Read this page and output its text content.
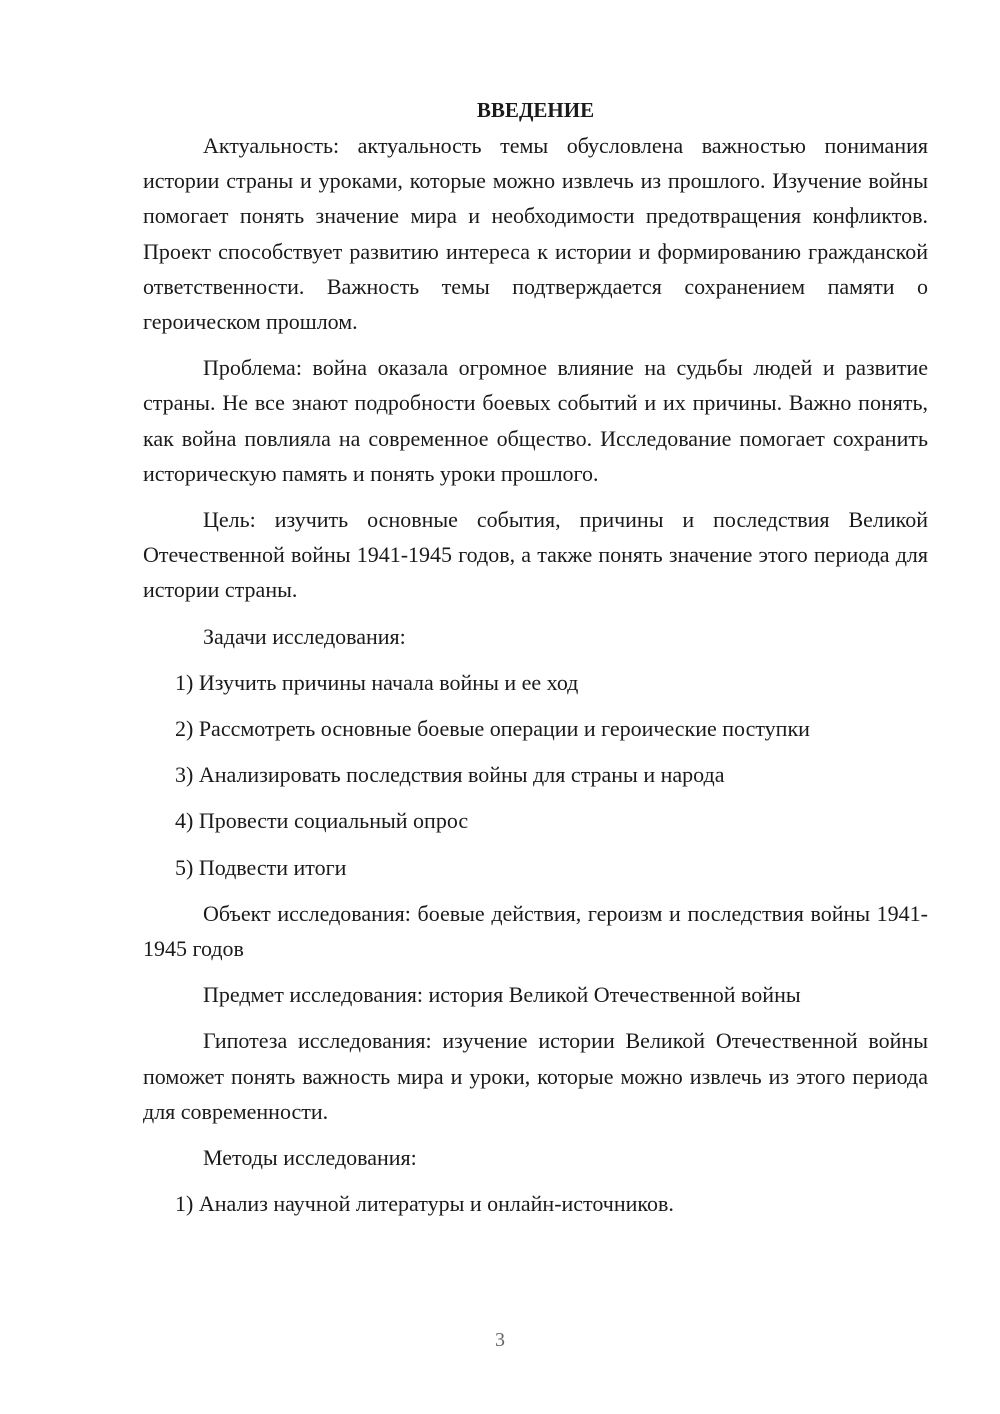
ВВЕДЕНИЕ

Актуальность: актуальность темы обусловлена важностью понимания истории страны и уроками, которые можно извлечь из прошлого. Изучение войны помогает понять значение мира и необходимости предотвращения конфликтов. Проект способствует развитию интереса к истории и формированию гражданской ответственности. Важность темы подтверждается сохранением памяти о героическом прошлом.

Проблема: война оказала огромное влияние на судьбы людей и развитие страны. Не все знают подробности боевых событий и их причины. Важно понять, как война повлияла на современное общество. Исследование помогает сохранить историческую память и понять уроки прошлого.

Цель: изучить основные события, причины и последствия Великой Отечественной войны 1941-1945 годов, а также понять значение этого периода для истории страны.

Задачи исследования:

1) Изучить причины начала войны и ее ход

2) Рассмотреть основные боевые операции и героические поступки

3) Анализировать последствия войны для страны и народа

4) Провести социальный опрос

5) Подвести итоги

Объект исследования: боевые действия, героизм и последствия войны 1941-1945 годов

Предмет исследования: история Великой Отечественной войны

Гипотеза исследования: изучение истории Великой Отечественной войны поможет понять важность мира и уроки, которые можно извлечь из этого периода для современности.

Методы исследования:

1) Анализ научной литературы и онлайн-источников.

3
